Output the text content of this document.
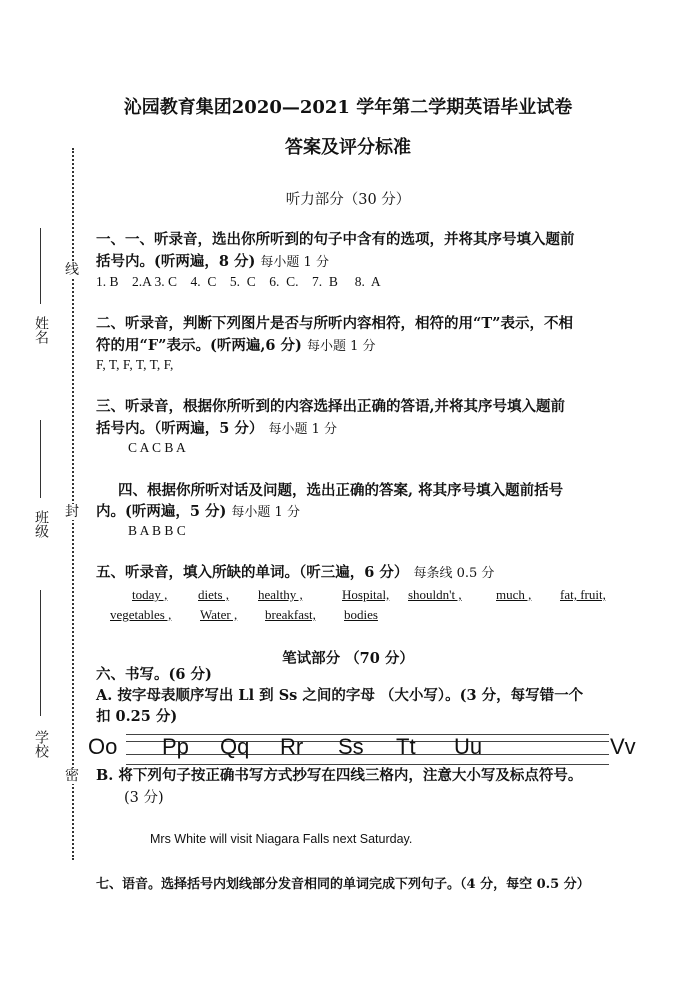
线
封
密
姓名
班级
学校
沁园教育集团2020—2021 学年第二学期英语毕业试卷
答案及评分标准
听力部分（30 分）
一、一、听录音，选出你所听到的句子中含有的选项，并将其序号填入题前
括号内。(听两遍，8 分) 每小题 1 分
1. B    2.A 3. C    4.  C    5.  C    6.  C.    7.  B     8.  A
二、听录音，判断下列图片是否与所听内容相符，相符的用“T”表示，不相
符的用“F”表示。(听两遍,6 分) 每小题 1 分
F, T, F, T, T, F,
三、听录音，根据你所听到的内容选择出正确的答语,并将其序号填入题前
括号内。（听两遍，5 分） 每小题 1 分
C A C B A
四、根据你所听对话及问题，选出正确的答案, 将其序号填入题前括号
内。(听两遍，5 分) 每小题 1 分
B A B B C
五、听录音，填入所缺的单词。（听三遍，6 分） 每条线 0.5 分
today , diets , healthy ,	Hospital, shouldn't ,	much , fat, fruit,
vegetables , Water , breakfast, bodies
笔试部分 （70 分）
六、书写。(6 分)
A. 按字母表顺序写出 Ll 到 Ss 之间的字母 （大小写）。(3 分，每写错一个
扣 0.25 分)
Oo Pp Qq Rr Ss Tt Uu	Vv
B. 将下列句子按正确书写方式抄写在四线三格内，注意大小写及标点符号。
(3 分)
Mrs White will visit Niagara Falls next Saturday.
七、语音。选择括号内划线部分发音相同的单词完成下列句子。（4 分，每空 0.5 分）
